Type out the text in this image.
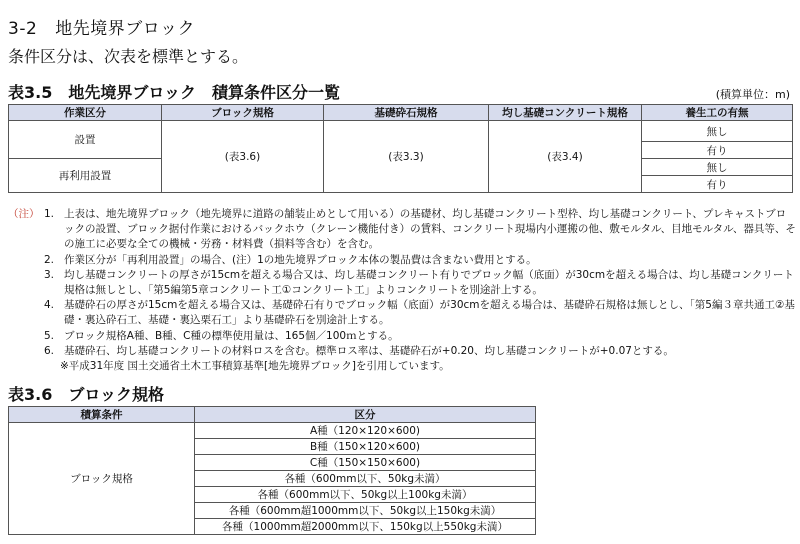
3-2 地先境界ブロック
条件区分は、次表を標準とする。
表3.5　地先境界ブロック　積算条件区分一覧	(積算単位：m)
作業区分	ブロック規格	基礎砕石規格	均し基礎コンクリート規格	養生工の有無
設置	(表3.6)	(表3.3)	(表3.4)	無し
				有り
再利用設置				無し
				有り
（注） 1. 上表は、地先境界ブロック（地先境界に道路の舗装止めとして用いる）の基礎材、均し基礎コンクリート型枠、均し基礎コンクリート、プレキャストブロックの設置、ブロック据付作業におけるバックホウ（クレーン機能付き）の賃料、コンクリート現場内小運搬の他、敷モルタル、目地モルタル、器具等、その施工に必要な全ての機械・労務・材料費（損料等含む）を含む。
2. 作業区分が「再利用設置」の場合、(注）1の地先境界ブロック本体の製品費は含まない費用とする。
3. 均し基礎コンクリートの厚さが15cmを超える場合又は、均し基礎コンクリート有りでブロック幅（底面）が30cmを超える場合は、均し基礎コンクリート規格は無しとし、「第5編第5章コンクリート工①コンクリート工」よりコンクリートを別途計上する。
4. 基礎砕石の厚さが15cmを超える場合又は、基礎砕石有りでブロック幅（底面）が30cmを超える場合は、基礎砕石規格は無しとし、「第5編３章共通工②基礎・裏込砕石工、基礎・裏込栗石工」より基礎砕石を別途計上する。
5. ブロック規格A種、B種、C種の標準使用量は、165個／100ｍとする。
6. 基礎砕石、均し基礎コンクリートの材料ロスを含む。標準ロス率は、基礎砕石が+0.20、均し基礎コンクリートが+0.07とする。
※平成31年度 国土交通省土木工事積算基準[地先境界ブロック]を引用しています。
表3.6　ブロック規格
積算条件	区分
ブロック規格	A種（120×120×600)
	B種（150×120×600)
	C種（150×150×600)
	各種（600mm以下、50kg未満）
	各種（600mm以下、50kg以上100kg未満）
	各種（600mm超1000mm以下、50kg以上150kg未満）
	各種（1000mm超2000mm以下、150kg以上550kg未満）
